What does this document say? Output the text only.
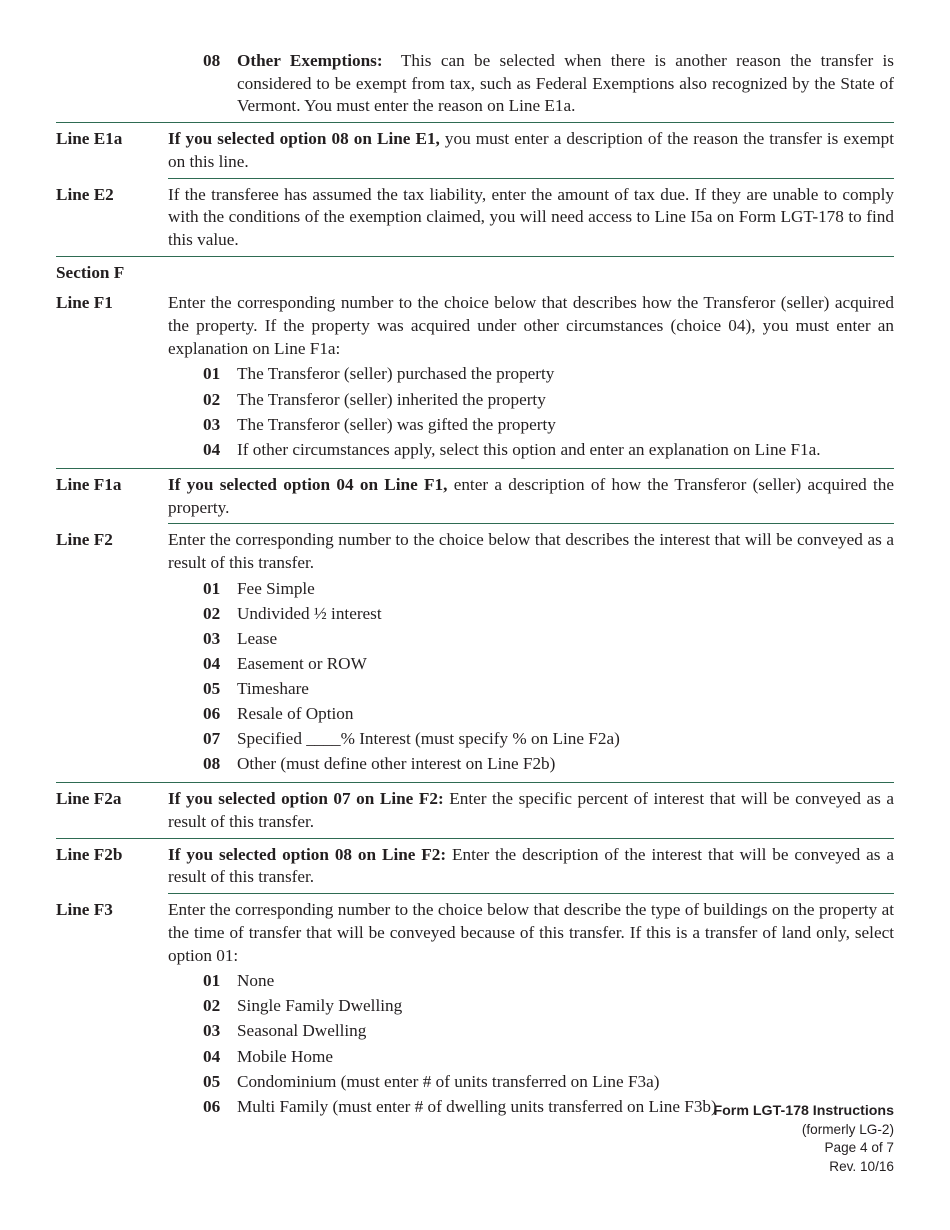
08 Other Exemptions: This can be selected when there is another reason the transfer is considered to be exempt from tax, such as Federal Exemptions also recognized by the State of Vermont. You must enter the reason on Line E1a.
Line E1a	If you selected option 08 on Line E1, you must enter a description of the reason the transfer is exempt on this line.
Line E2	If the transferee has assumed the tax liability, enter the amount of tax due. If they are unable to comply with the conditions of the exemption claimed, you will need access to Line I5a on Form LGT-178 to find this value.
Section F
Line F1	Enter the corresponding number to the choice below that describes how the Transferor (seller) acquired the property. If the property was acquired under other circumstances (choice 04), you must enter an explanation on Line F1a:
01 The Transferor (seller) purchased the property
02 The Transferor (seller) inherited the property
03 The Transferor (seller) was gifted the property
04 If other circumstances apply, select this option and enter an explanation on Line F1a.
Line F1a	If you selected option 04 on Line F1, enter a description of how the Transferor (seller) acquired the property.
Line F2	Enter the corresponding number to the choice below that describes the interest that will be conveyed as a result of this transfer.
01 Fee Simple
02 Undivided ½ interest
03 Lease
04 Easement or ROW
05 Timeshare
06 Resale of Option
07 Specified ____% Interest (must specify % on Line F2a)
08 Other (must define other interest on Line F2b)
Line F2a	If you selected option 07 on Line F2: Enter the specific percent of interest that will be conveyed as a result of this transfer.
Line F2b	If you selected option 08 on Line F2: Enter the description of the interest that will be conveyed as a result of this transfer.
Line F3	Enter the corresponding number to the choice below that describe the type of buildings on the property at the time of transfer that will be conveyed because of this transfer. If this is a transfer of land only, select option 01:
01 None
02 Single Family Dwelling
03 Seasonal Dwelling
04 Mobile Home
05 Condominium (must enter # of units transferred on Line F3a)
06 Multi Family (must enter # of dwelling units transferred on Line F3b)
Form LGT-178 Instructions
(formerly LG-2)
Page 4 of 7
Rev. 10/16
